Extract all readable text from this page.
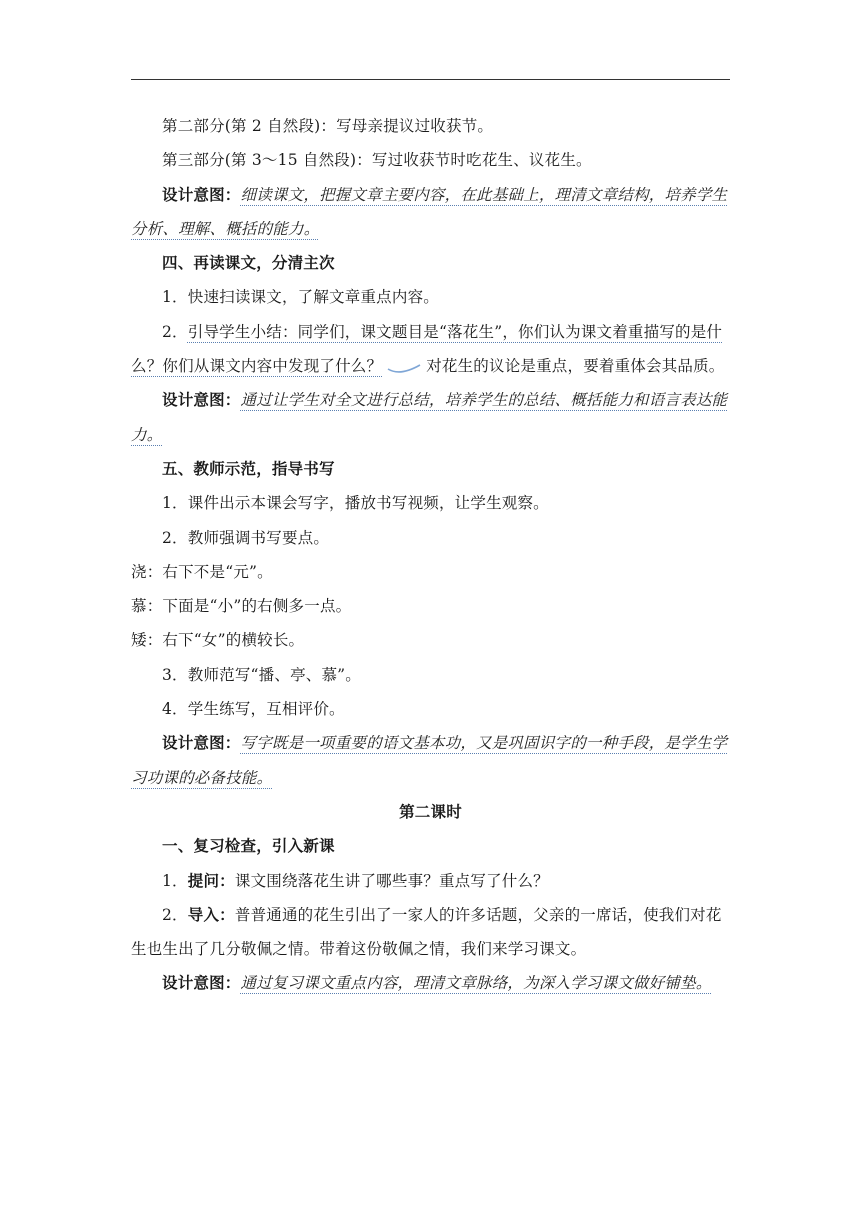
第二部分(第 2 自然段)：写母亲提议过收获节。

第三部分(第 3～15 自然段)：写过收获节时吃花生、议花生。

设计意图：细读课文，把握文章主要内容，在此基础上，理清文章结构，培养学生分析、理解、概括的能力。

四、再读课文，分清主次

1．快速扫读课文，了解文章重点内容。

2．引导学生小结：同学们，课文题目是“落花生”，你们认为课文着重描写的是什么？你们从课文内容中发现了什么？	对花生的议论是重点，要着重体会其品质。

设计意图：通过让学生对全文进行总结，培养学生的总结、概括能力和语言表达能力。

五、教师示范，指导书写

1．课件出示本课会写字，播放书写视频，让学生观察。

2．教师强调书写要点。

浇：右下不是“元”。

慕：下面是“小”的右侧多一点。

矮：右下“女”的横较长。

3．教师范写“播、亭、慕”。

4．学生练写，互相评价。

设计意图：写字既是一项重要的语文基本功，又是巩固识字的一种手段，是学生学习功课的必备技能。

第二课时

一、复习检查，引入新课

1．提问：课文围绕落花生讲了哪些事？重点写了什么？

2．导入：普普通通的花生引出了一家人的许多话题，父亲的一席话，使我们对花生也生出了几分敬佩之情。带着这份敬佩之情，我们来学习课文。

设计意图：通过复习课文重点内容，理清文章脉络，为深入学习课文做好铺垫。
